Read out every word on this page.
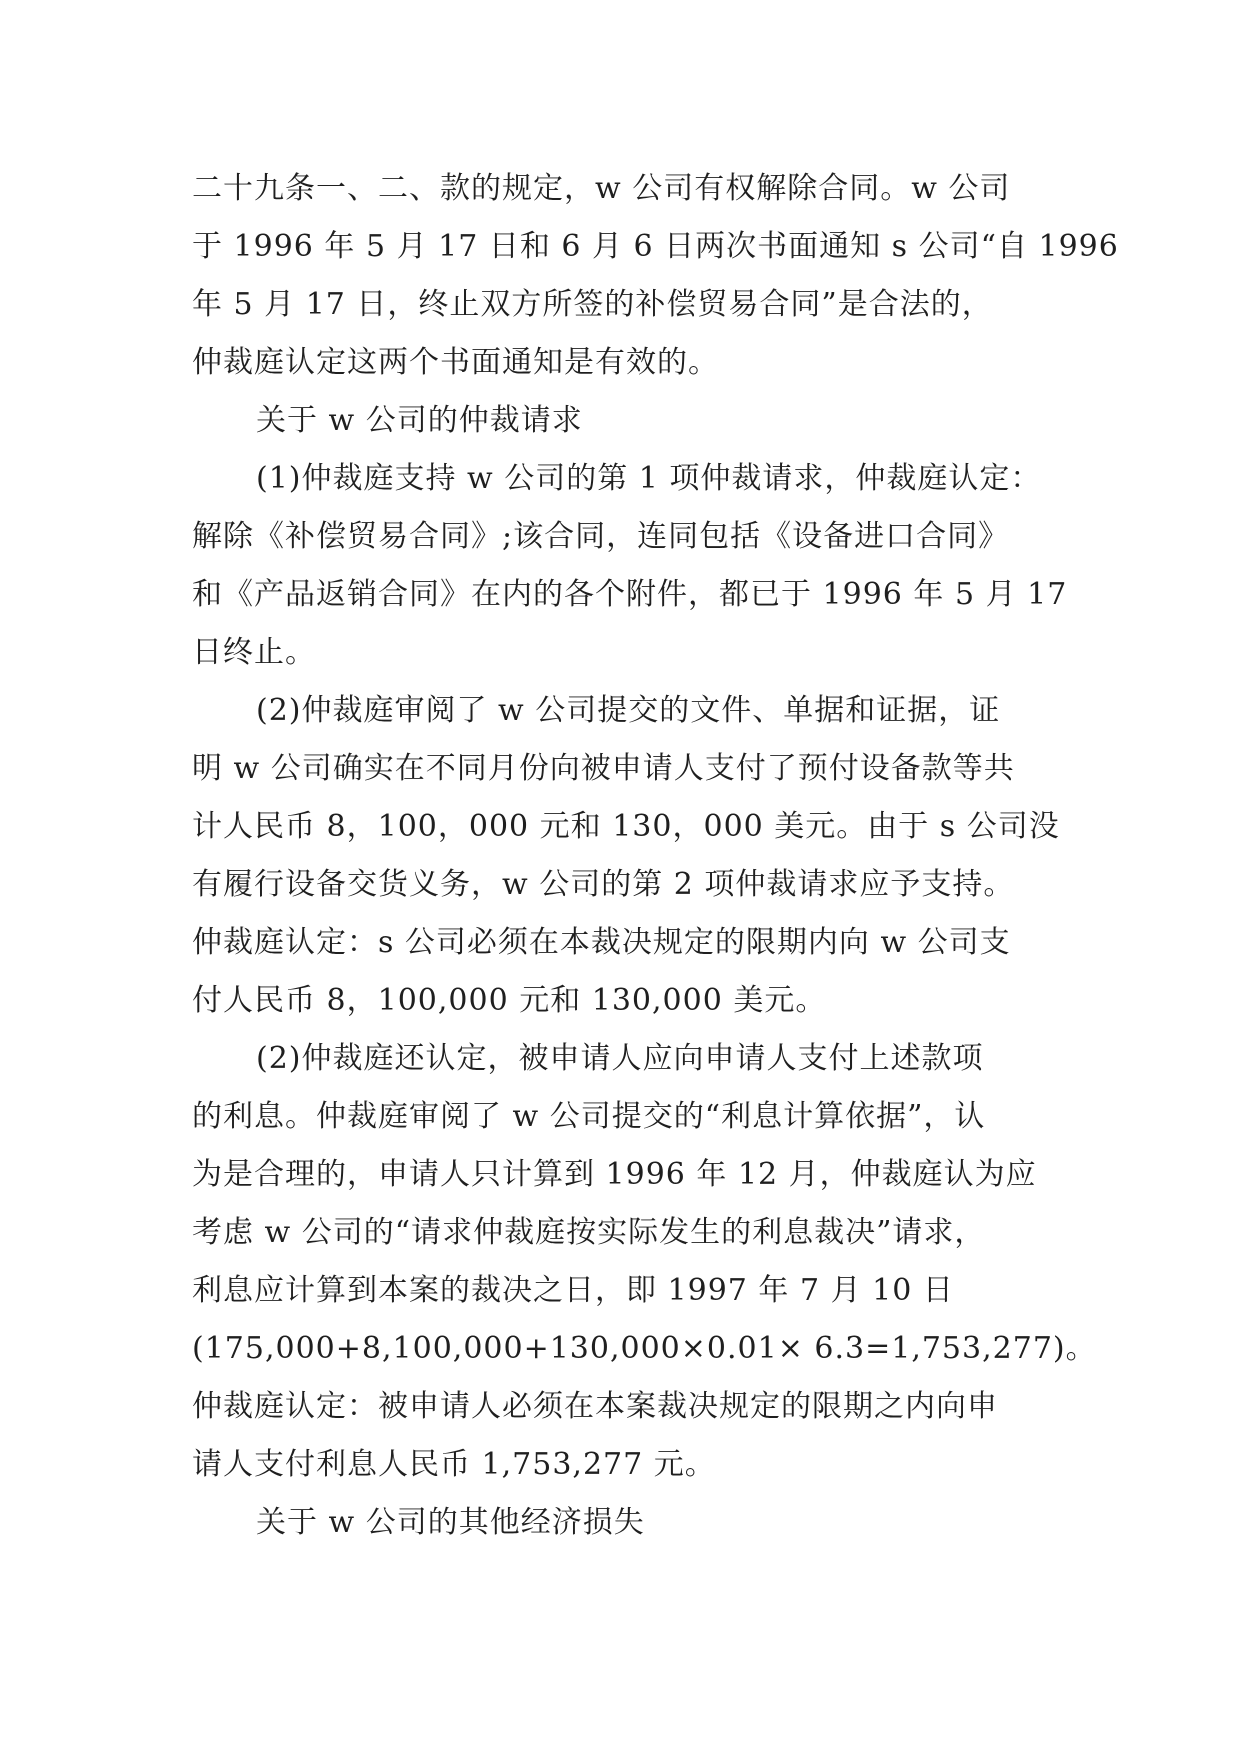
二十九条一、二、款的规定，w 公司有权解除合同。w 公司
于 1996 年 5 月 17 日和 6 月 6 日两次书面通知 s 公司“自 1996
年 5 月 17 日，终止双方所签的补偿贸易合同”是合法的，
仲裁庭认定这两个书面通知是有效的。
关于 w 公司的仲裁请求
(1)仲裁庭支持 w 公司的第 1 项仲裁请求，仲裁庭认定：
解除《补偿贸易合同》;该合同，连同包括《设备进口合同》
和《产品返销合同》在内的各个附件，都已于 1996 年 5 月 17
日终止。
(2)仲裁庭审阅了 w 公司提交的文件、单据和证据，证
明 w 公司确实在不同月份向被申请人支付了预付设备款等共
计人民币 8，100，000 元和 130，000 美元。由于 s 公司没
有履行设备交货义务，w 公司的第 2 项仲裁请求应予支持。
仲裁庭认定：s 公司必须在本裁决规定的限期内向 w 公司支
付人民币 8，100,000 元和 130,000 美元。
(2)仲裁庭还认定，被申请人应向申请人支付上述款项
的利息。仲裁庭审阅了 w 公司提交的“利息计算依据”，认
为是合理的，申请人只计算到 1996 年 12 月，仲裁庭认为应
考虑 w 公司的“请求仲裁庭按实际发生的利息裁决”请求，
利息应计算到本案的裁决之日，即 1997 年 7 月 10 日
(175,000+8,100,000+130,000×0.01× 6.3=1,753,277)。
仲裁庭认定：被申请人必须在本案裁决规定的限期之内向申
请人支付利息人民币 1,753,277 元。
关于 w 公司的其他经济损失
